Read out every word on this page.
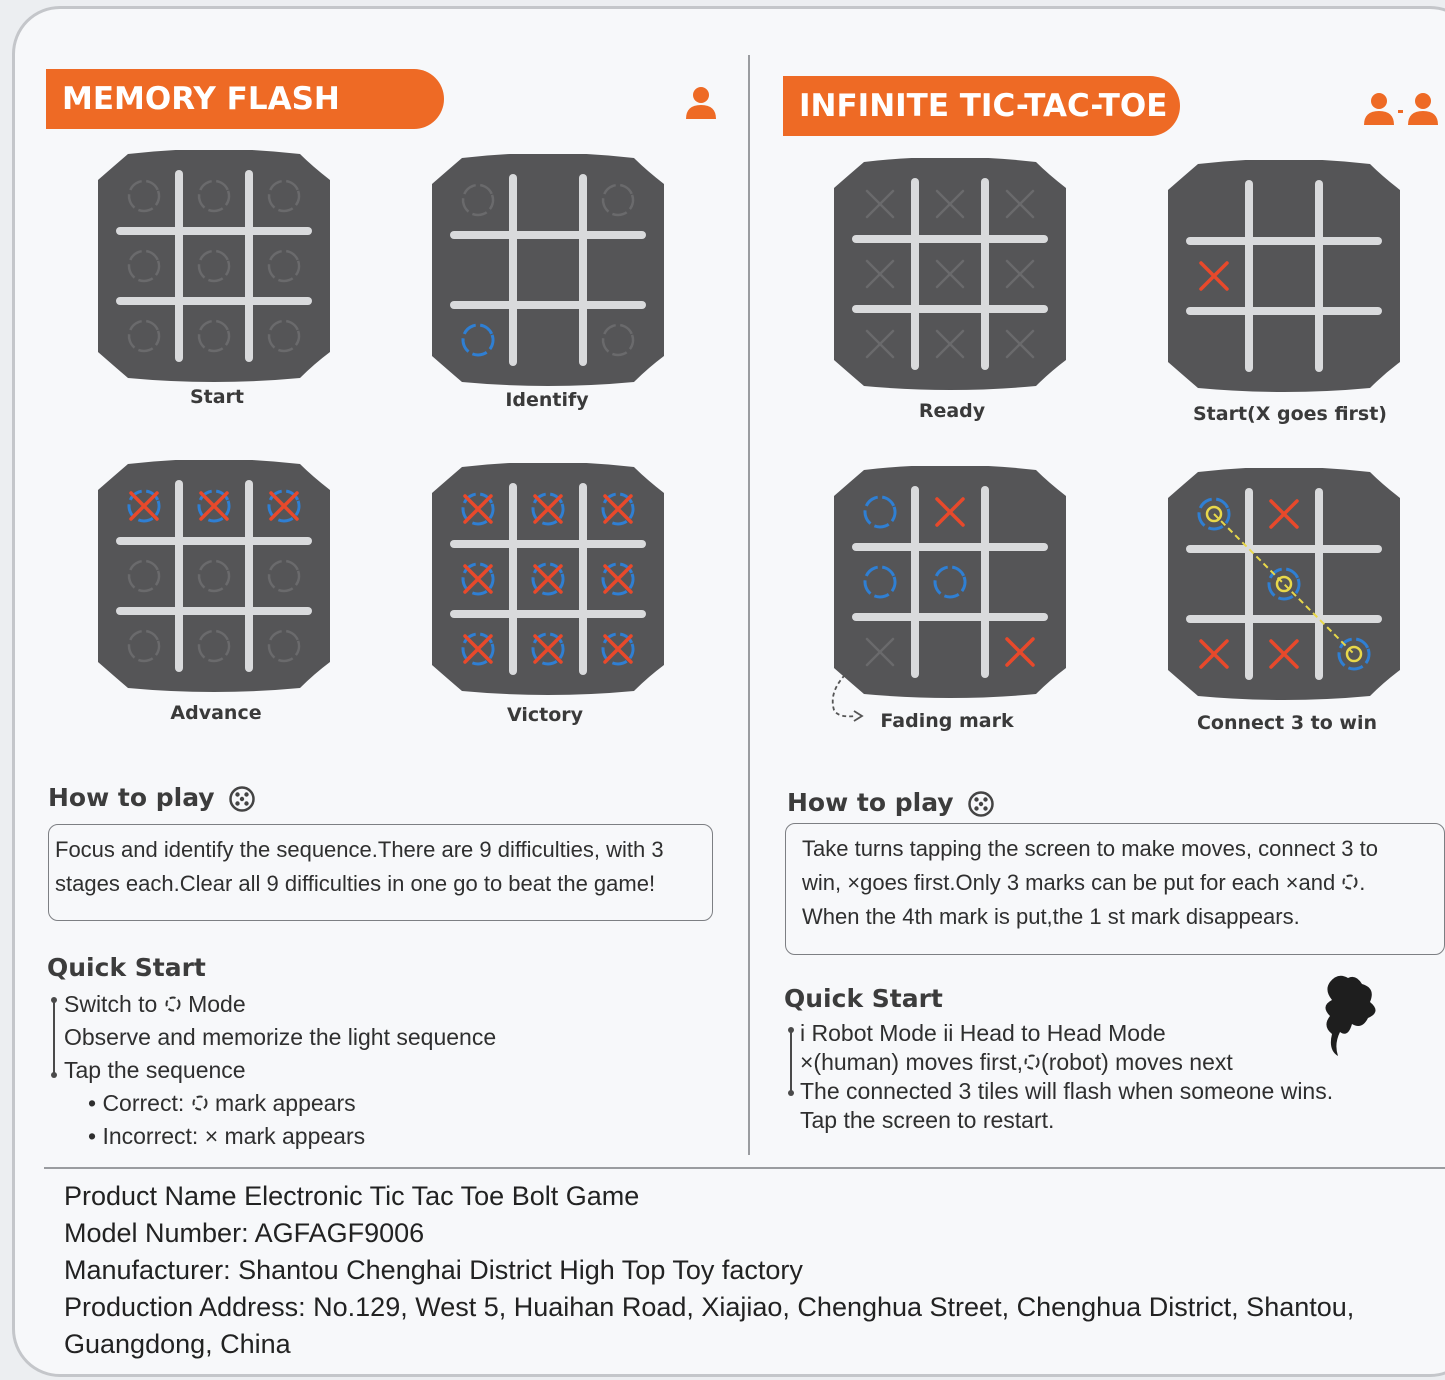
MEMORY FLASH
Start	Identify
Advance	Victory
How to play
Focus and identify the sequence.There are 9 difficulties, with 3
stages each.Clear all 9 difficulties in one go to beat the game!
Quick Start
Switch to  Mode
Observe and memorize the light sequence
Tap the sequence
• Correct:  mark appears
• Incorrect: × mark appears
INFINITE TIC-TAC-TOE
Ready	Start(X goes first)
Fading mark	Connect 3 to win
How to play
Take turns tapping the screen to make moves, connect 3 to
win, ×goes first.Only 3 marks can be put for each ×and .
When the 4th mark is put,the 1 st mark disappears.
Quick Start
i Robot Mode ii Head to Head Mode
×(human) moves first, (robot) moves next
The connected 3 tiles will flash when someone wins.
Tap the screen to restart.
Product Name Electronic Tic Tac Toe Bolt Game
Model Number: AGFAGF9006
Manufacturer: Shantou Chenghai District High Top Toy factory
Production Address: No.129, West 5, Huaihan Road, Xiajiao, Chenghua Street, Chenghua District, Shantou,
Guangdong, China
